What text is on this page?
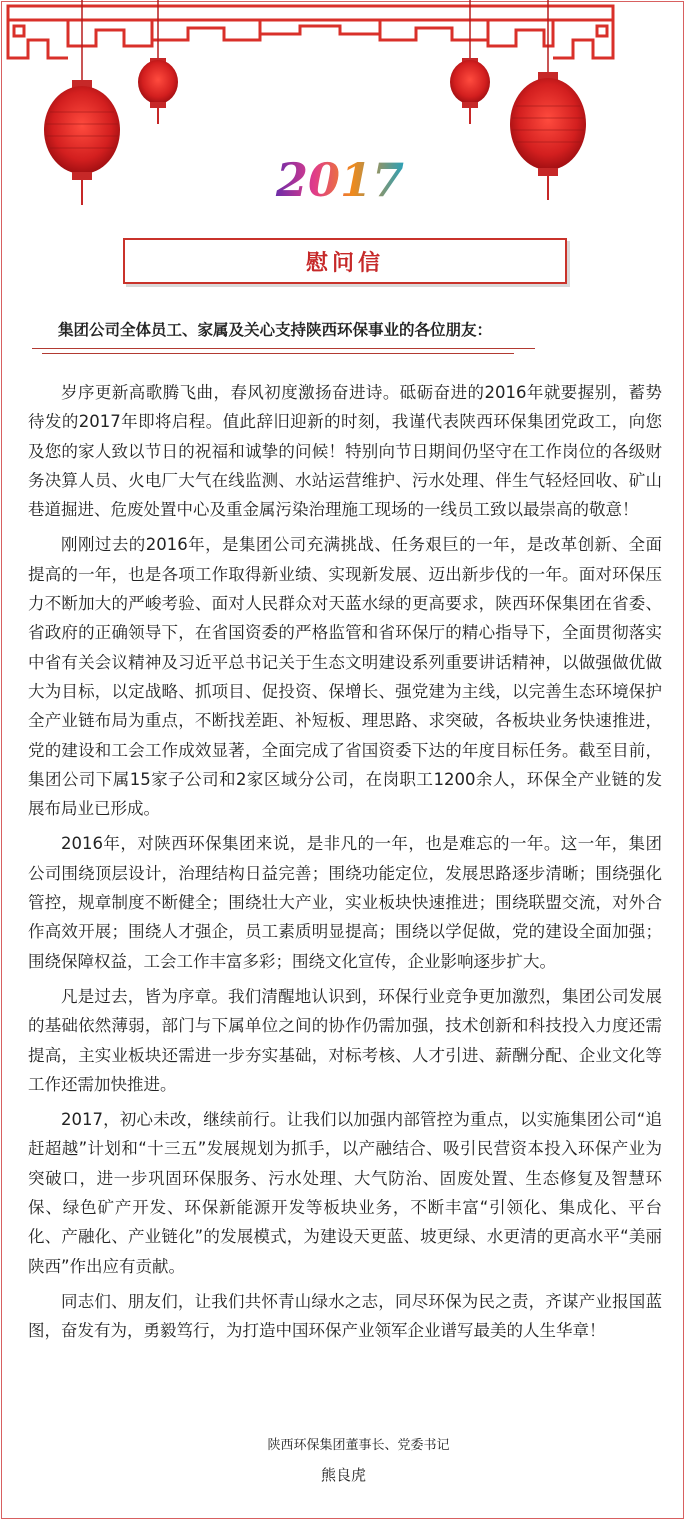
2017
慰问信
集团公司全体员工、家属及关心支持陕西环保事业的各位朋友：

岁序更新高歌腾飞曲，春风初度激扬奋进诗。砥砺奋进的2016年就要握别，蓄势待发的2017年即将启程。值此辞旧迎新的时刻，我谨代表陕西环保集团党政工，向您及您的家人致以节日的祝福和诚挚的问候！特别向节日期间仍坚守在工作岗位的各级财务决算人员、火电厂大气在线监测、水站运营维护、污水处理、伴生气轻烃回收、矿山巷道掘进、危废处置中心及重金属污染治理施工现场的一线员工致以最崇高的敬意！

刚刚过去的2016年，是集团公司充满挑战、任务艰巨的一年，是改革创新、全面提高的一年，也是各项工作取得新业绩、实现新发展、迈出新步伐的一年。面对环保压力不断加大的严峻考验、面对人民群众对天蓝水绿的更高要求，陕西环保集团在省委、省政府的正确领导下，在省国资委的严格监管和省环保厅的精心指导下，全面贯彻落实中省有关会议精神及习近平总书记关于生态文明建设系列重要讲话精神，以做强做优做大为目标，以定战略、抓项目、促投资、保增长、强党建为主线，以完善生态环境保护全产业链布局为重点，不断找差距、补短板、理思路、求突破，各板块业务快速推进，党的建设和工会工作成效显著，全面完成了省国资委下达的年度目标任务。截至目前，集团公司下属15家子公司和2家区域分公司，在岗职工1200余人，环保全产业链的发展布局业已形成。

2016年，对陕西环保集团来说，是非凡的一年，也是难忘的一年。这一年，集团公司围绕顶层设计，治理结构日益完善；围绕功能定位，发展思路逐步清晰；围绕强化管控，规章制度不断健全；围绕壮大产业，实业板块快速推进；围绕联盟交流，对外合作高效开展；围绕人才强企，员工素质明显提高；围绕以学促做，党的建设全面加强；围绕保障权益，工会工作丰富多彩；围绕文化宣传，企业影响逐步扩大。

凡是过去，皆为序章。我们清醒地认识到，环保行业竞争更加激烈，集团公司发展的基础依然薄弱，部门与下属单位之间的协作仍需加强，技术创新和科技投入力度还需提高，主实业板块还需进一步夯实基础，对标考核、人才引进、薪酬分配、企业文化等工作还需加快推进。

2017，初心未改，继续前行。让我们以加强内部管控为重点，以实施集团公司“追赶超越”计划和“十三五”发展规划为抓手，以产融结合、吸引民营资本投入环保产业为突破口，进一步巩固环保服务、污水处理、大气防治、固废处置、生态修复及智慧环保、绿色矿产开发、环保新能源开发等板块业务，不断丰富“引领化、集成化、平台化、产融化、产业链化”的发展模式，为建设天更蓝、坡更绿、水更清的更高水平“美丽陕西”作出应有贡献。

同志们、朋友们，让我们共怀青山绿水之志，同尽环保为民之责，齐谋产业报国蓝图，奋发有为，勇毅笃行，为打造中国环保产业领军企业谱写最美的人生华章！

陕西环保集团董事长、党委书记
熊良虎
